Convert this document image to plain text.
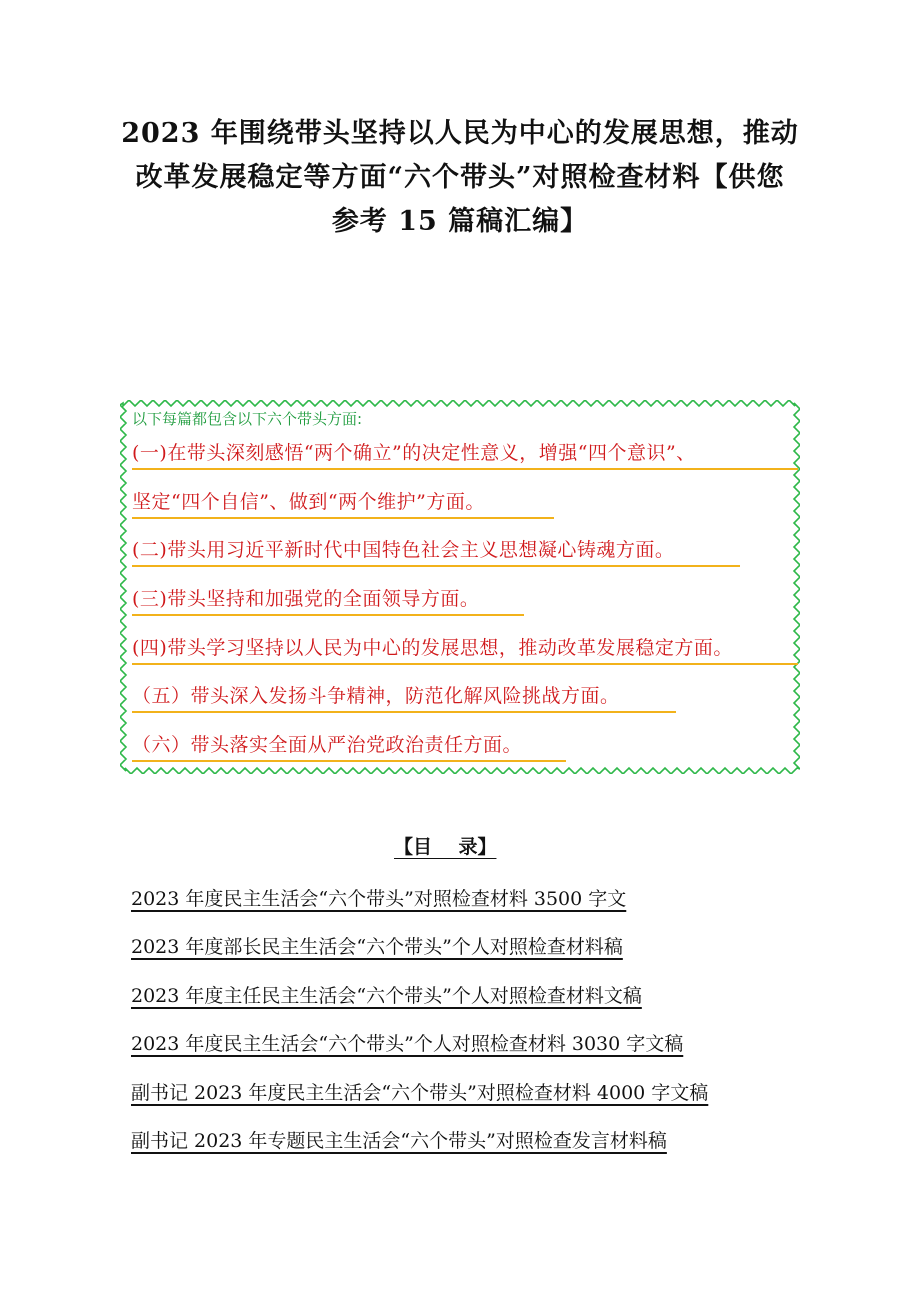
2023 年围绕带头坚持以人民为中心的发展思想，推动
改革发展稳定等方面“六个带头”对照检查材料【供您
参考 15 篇稿汇编】
以下每篇都包含以下六个带头方面:
(一)在带头深刻感悟“两个确立”的决定性意义，增强“四个意识”、
坚定“四个自信”、做到“两个维护”方面。
(二)带头用习近平新时代中国特色社会主义思想凝心铸魂方面。
(三)带头坚持和加强党的全面领导方面。
(四)带头学习坚持以人民为中心的发展思想，推动改革发展稳定方面。
（五）带头深入发扬斗争精神，防范化解风险挑战方面。
（六）带头落实全面从严治党政治责任方面。
【目    录】
2023 年度民主生活会“六个带头”对照检查材料 3500 字文
2023 年度部长民主生活会“六个带头”个人对照检查材料稿
2023 年度主任民主生活会“六个带头”个人对照检查材料文稿
2023 年度民主生活会“六个带头”个人对照检查材料 3030 字文稿
副书记 2023 年度民主生活会“六个带头”对照检查材料 4000 字文稿
副书记 2023 年专题民主生活会“六个带头”对照检查发言材料稿
